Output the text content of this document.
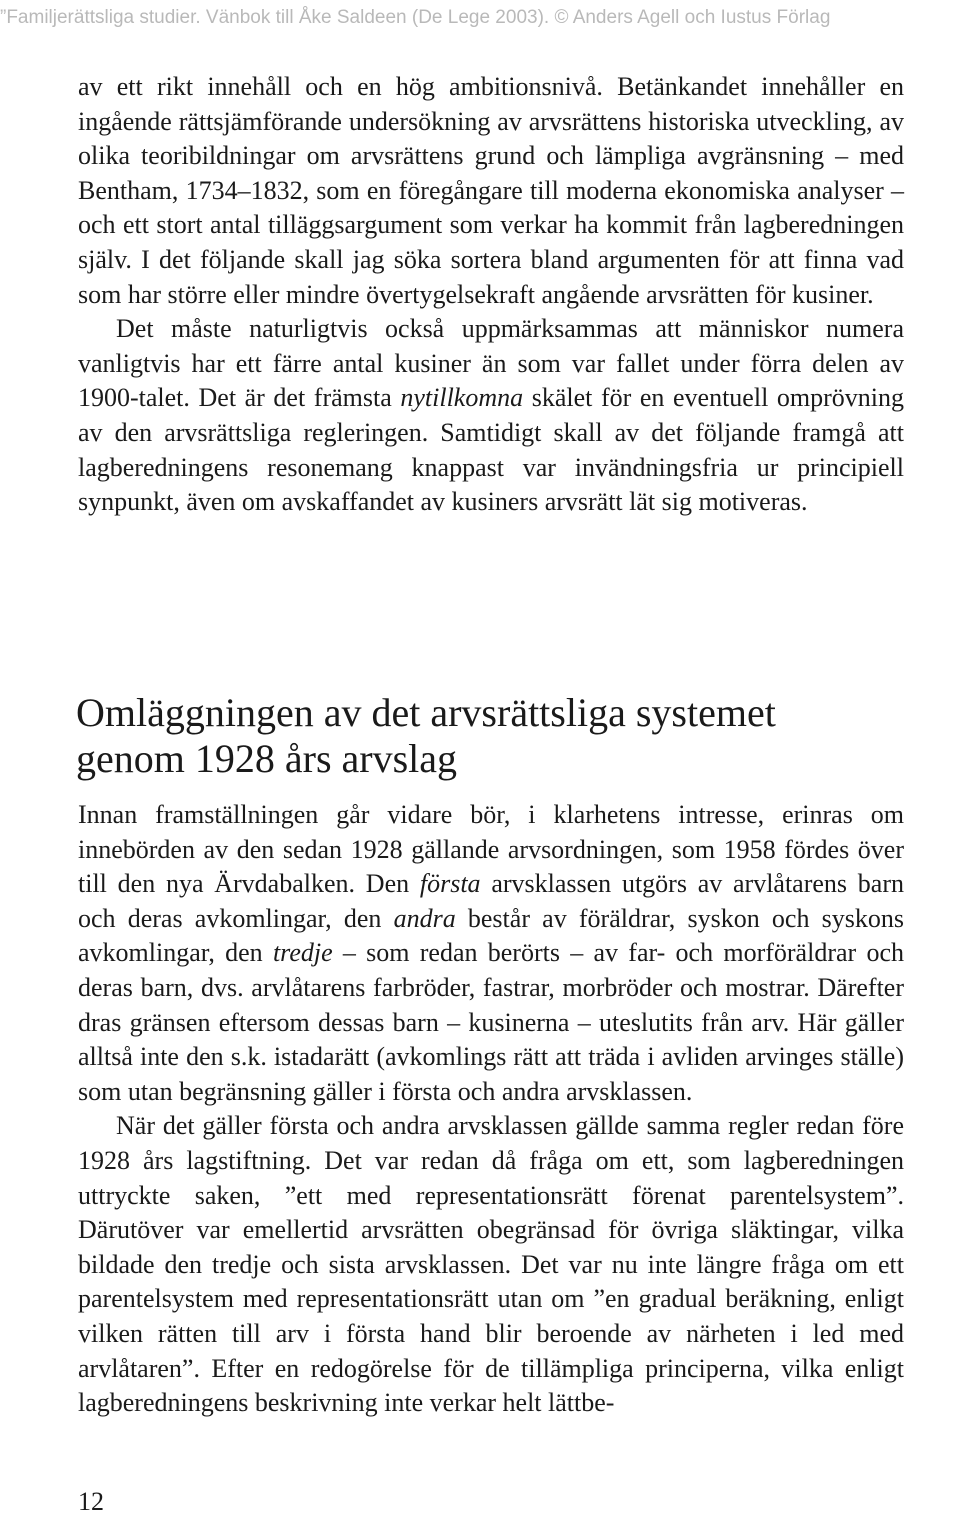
”Familjerättsliga studier. Vänbok till Åke Saldeen (De Lege 2003). © Anders Agell och Iustus Förlag

av ett rikt innehåll och en hög ambitionsnivå. Betänkandet innehåller en ingående rättsjämförande undersökning av arvsrättens historiska utveckling, av olika teoribildningar om arvsrättens grund och lämpliga avgränsning – med Bentham, 1734–1832, som en föregångare till moderna ekonomiska analyser – och ett stort antal tilläggsargument som verkar ha kommit från lagberedningen själv. I det följande skall jag söka sortera bland argumenten för att finna vad som har större eller mindre övertygelsekraft angående arvsrätten för kusiner.

Det måste naturligtvis också uppmärksammas att människor numera vanligtvis har ett färre antal kusiner än som var fallet under förra delen av 1900-talet. Det är det främsta nytillkomna skälet för en eventuell omprövning av den arvsrättsliga regleringen. Samtidigt skall av det följande framgå att lagberedningens resonemang knappast var invändningsfria ur principiell synpunkt, även om avskaffandet av kusiners arvsrätt lät sig motiveras.

Omläggningen av det arvsrättsliga systemet
genom 1928 års arvslag

Innan framställningen går vidare bör, i klarhetens intresse, erinras om innebörden av den sedan 1928 gällande arvsordningen, som 1958 fördes över till den nya Ärvdabalken. Den första arvsklassen utgörs av arvlåtarens barn och deras avkomlingar, den andra består av föräldrar, syskon och syskons avkomlingar, den tredje – som redan berörts – av far- och morföräldrar och deras barn, dvs. arvlåtarens farbröder, fastrar, morbröder och mostrar. Därefter dras gränsen eftersom dessas barn – kusinerna – uteslutits från arv. Här gäller alltså inte den s.k. istadarätt (avkomlings rätt att träda i avliden arvinges ställe) som utan begränsning gäller i första och andra arvsklassen.

När det gäller första och andra arvsklassen gällde samma regler redan före 1928 års lagstiftning. Det var redan då fråga om ett, som lagberedningen uttryckte saken, ”ett med representationsrätt förenat parentelsystem”. Därutöver var emellertid arvsrätten obegränsad för övriga släktingar, vilka bildade den tredje och sista arvsklassen. Det var nu inte längre fråga om ett parentelsystem med representationsrätt utan om ”en gradual beräkning, enligt vilken rätten till arv i första hand blir beroende av närheten i led med arvlåtaren”. Efter en redogörelse för de tillämpliga principerna, vilka enligt lagberedningens beskrivning inte verkar helt lättbe-

12
